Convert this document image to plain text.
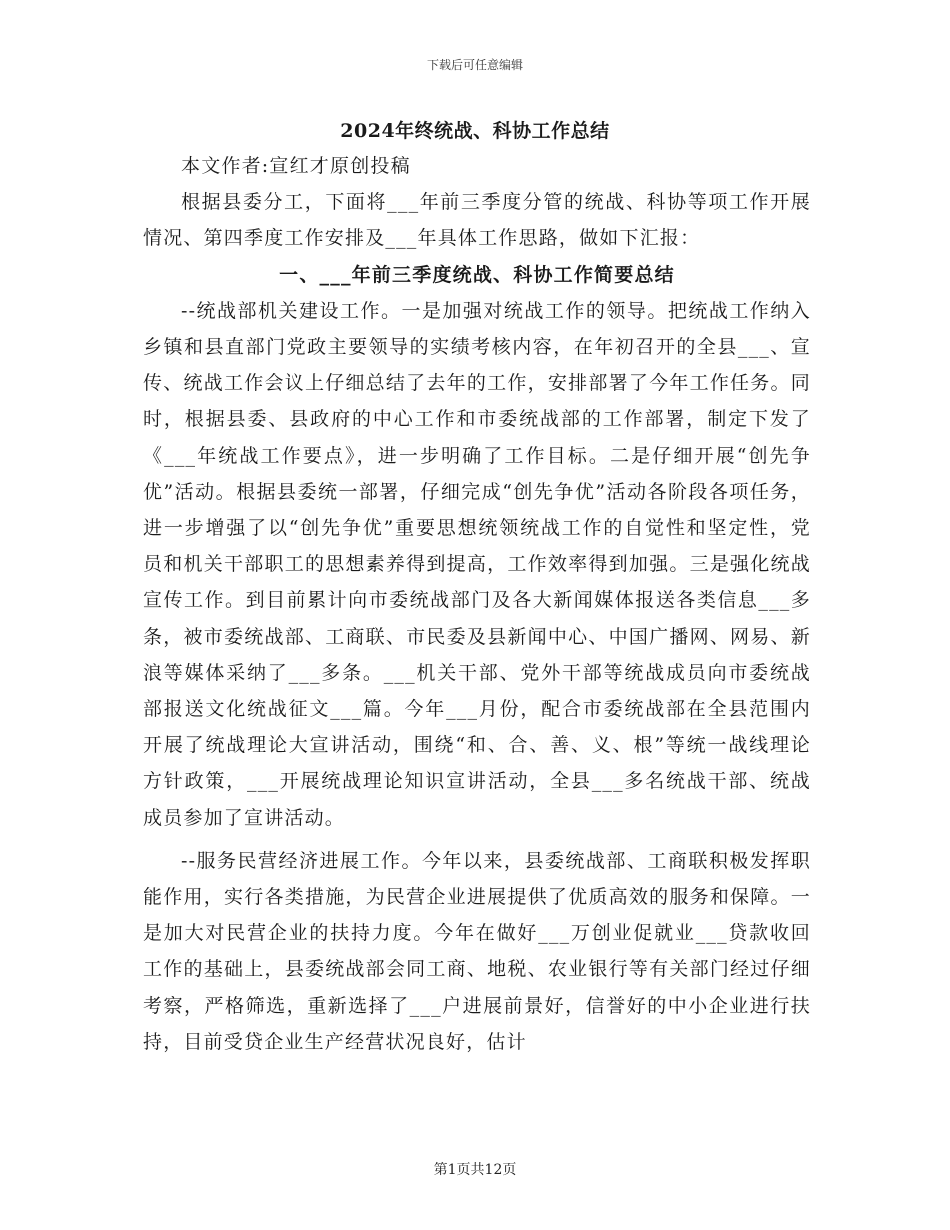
下载后可任意编辑
2024年终统战、科协工作总结

本文作者:宣红才原创投稿

根据县委分工，下面将___年前三季度分管的统战、科协等项工作开展情况、第四季度工作安排及___年具体工作思路，做如下汇报：

一、___年前三季度统战、科协工作简要总结

--统战部机关建设工作。一是加强对统战工作的领导。把统战工作纳入乡镇和县直部门党政主要领导的实绩考核内容，在年初召开的全县___、宣传、统战工作会议上仔细总结了去年的工作，安排部署了今年工作任务。同时，根据县委、县政府的中心工作和市委统战部的工作部署，制定下发了《___年统战工作要点》，进一步明确了工作目标。二是仔细开展“创先争优”活动。根据县委统一部署，仔细完成“创先争优”活动各阶段各项任务，进一步增强了以“创先争优”重要思想统领统战工作的自觉性和坚定性，党员和机关干部职工的思想素养得到提高，工作效率得到加强。三是强化统战宣传工作。到目前累计向市委统战部门及各大新闻媒体报送各类信息___多条，被市委统战部、工商联、市民委及县新闻中心、中国广播网、网易、新浪等媒体采纳了___多条。___机关干部、党外干部等统战成员向市委统战部报送文化统战征文___篇。今年___月份，配合市委统战部在全县范围内开展了统战理论大宣讲活动，围绕“和、合、善、义、根”等统一战线理论方针政策，___开展统战理论知识宣讲活动，全县___多名统战干部、统战成员参加了宣讲活动。

--服务民营经济进展工作。今年以来，县委统战部、工商联积极发挥职能作用，实行各类措施，为民营企业进展提供了优质高效的服务和保障。一是加大对民营企业的扶持力度。今年在做好___万创业促就业___贷款收回工作的基础上，县委统战部会同工商、地税、农业银行等有关部门经过仔细考察，严格筛选，重新选择了___户进展前景好，信誉好的中小企业进行扶持，目前受贷企业生产经营状况良好，估计

第1页共12页
